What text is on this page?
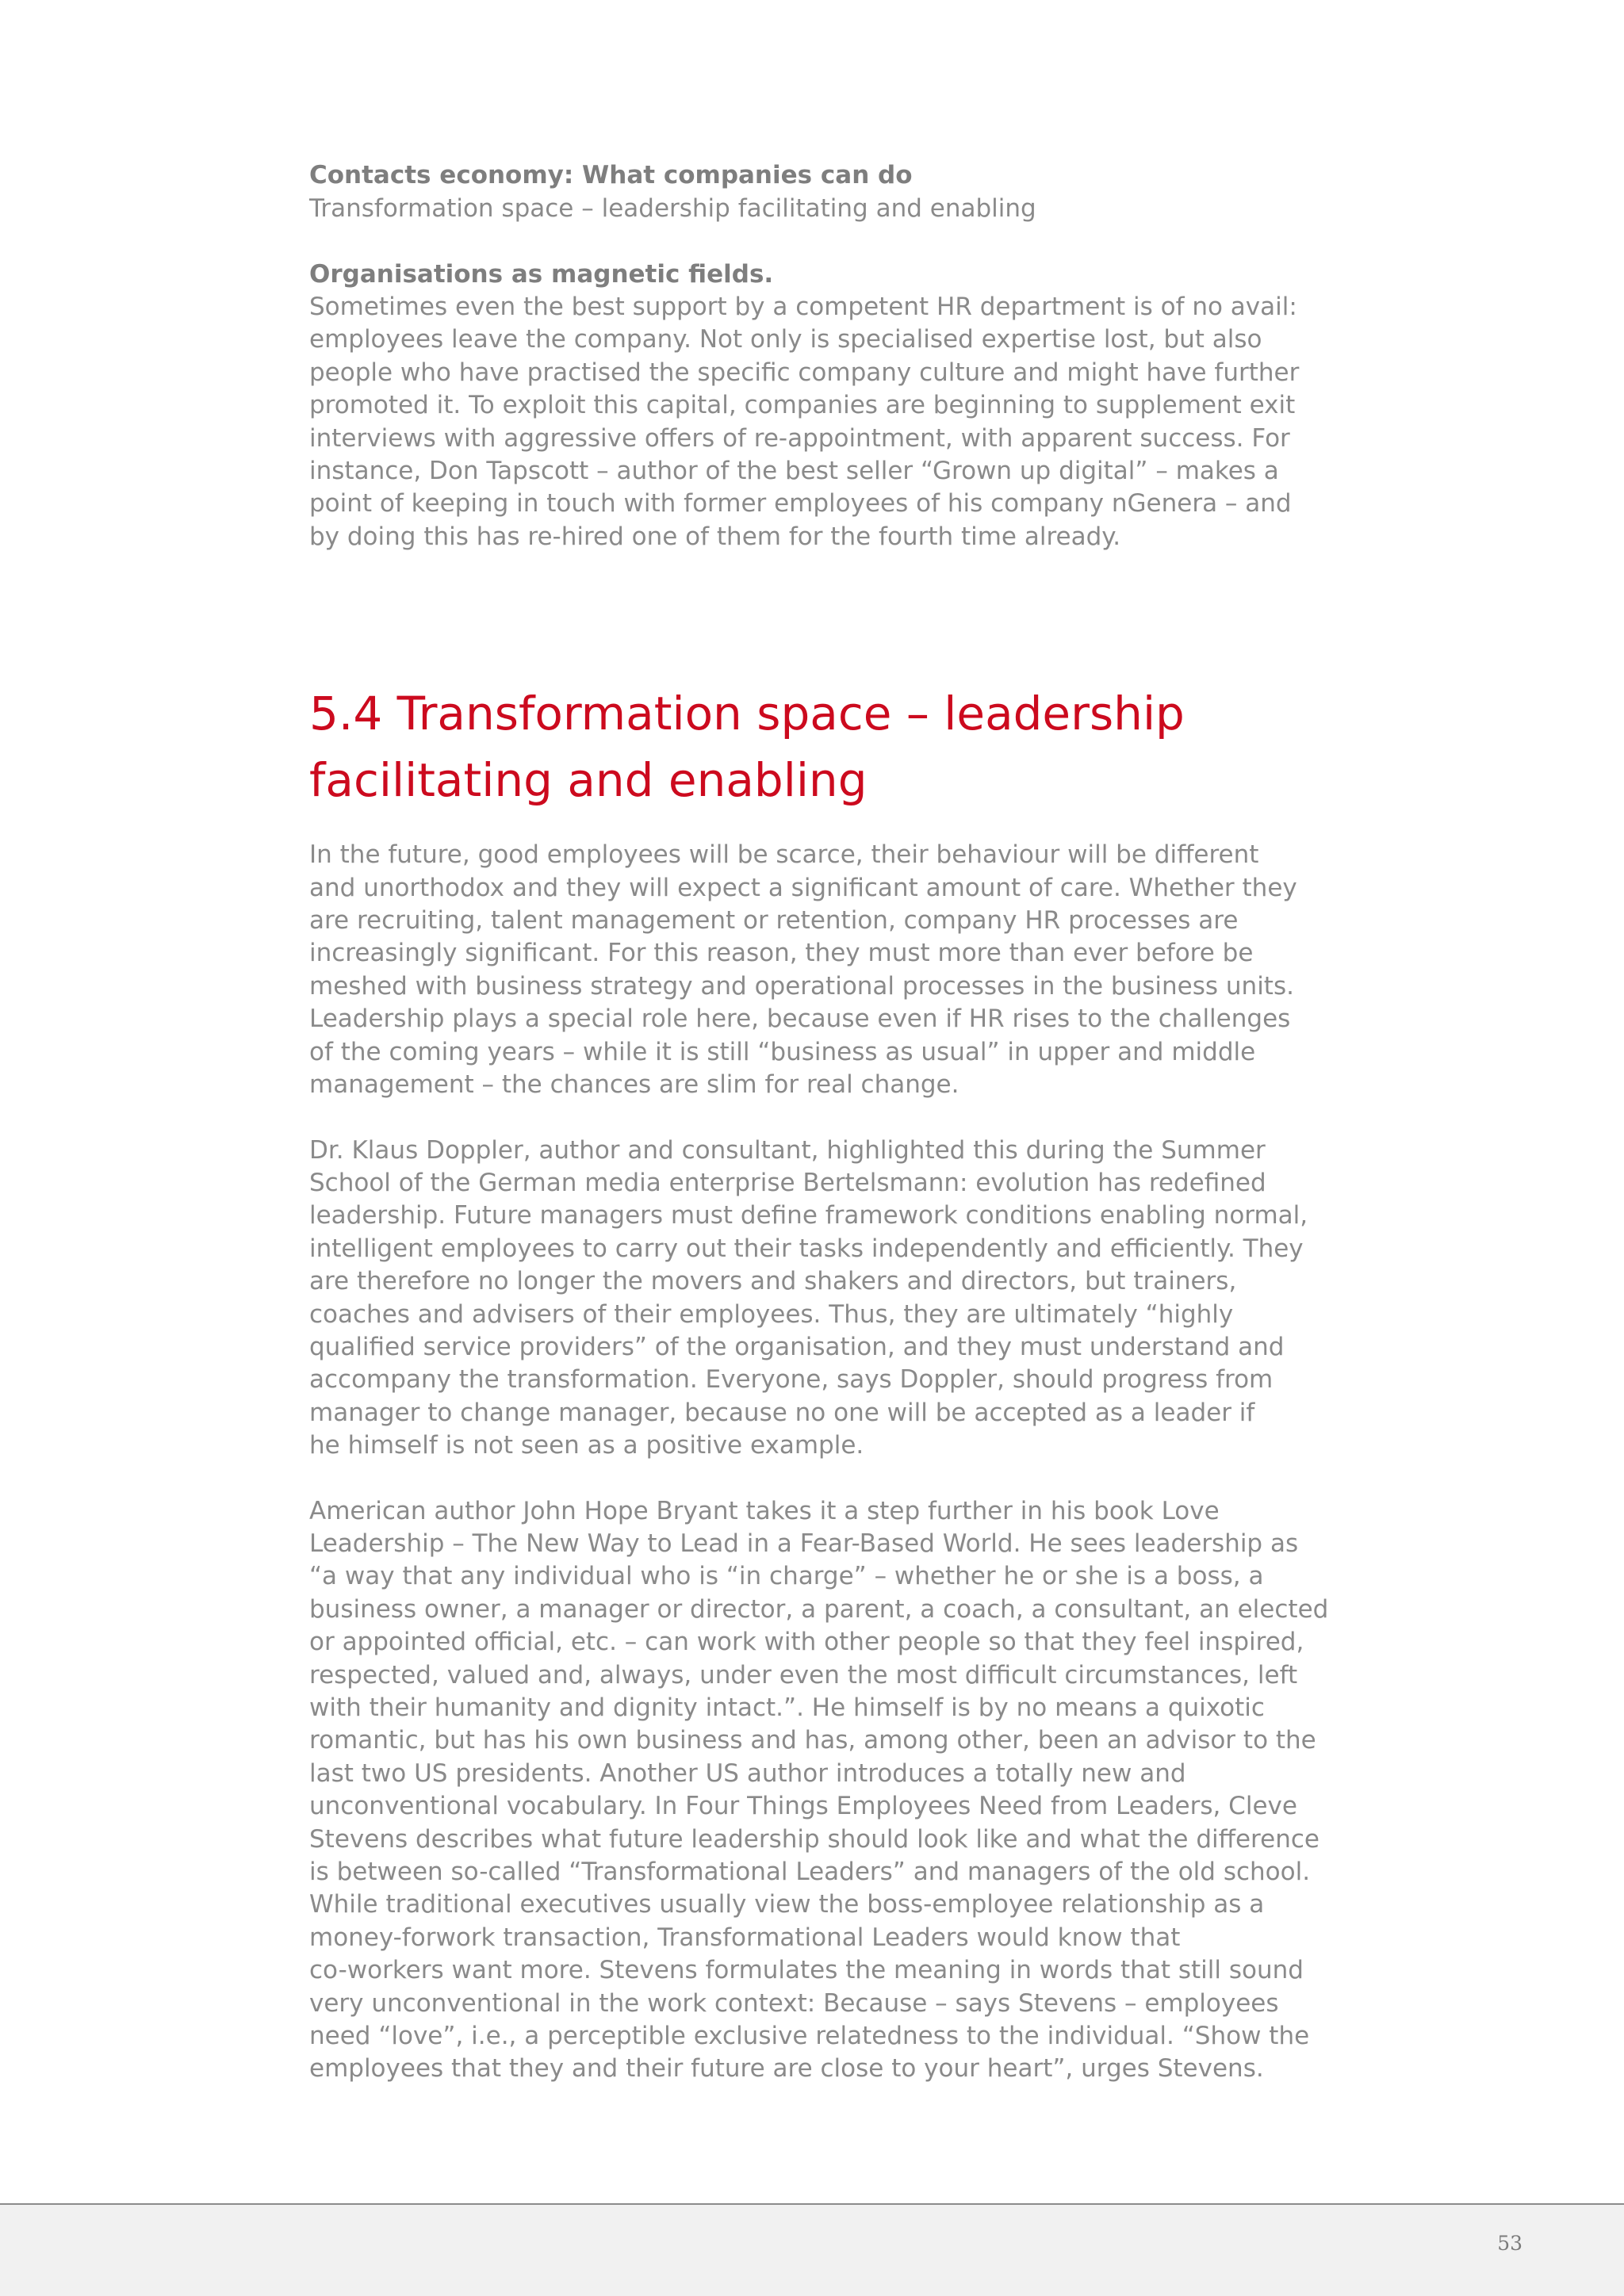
Contacts economy: What companies can do
Transformation space – leadership facilitating and enabling
Organisations as magnetic fields.
Sometimes even the best support by a competent HR department is of no avail:
employees leave the company. Not only is specialised expertise lost, but also
people who have practised the specific company culture and might have further
promoted it. To exploit this capital, companies are beginning to supplement exit
interviews with aggressive offers of re-appointment, with apparent success. For
instance, Don Tapscott – author of the best seller “Grown up digital” – makes a
point of keeping in touch with former employees of his company nGenera – and
by doing this has re-hired one of them for the fourth time already.
5.4 Transformation space – leadership
facilitating and enabling
In the future, good employees will be scarce, their behaviour will be different
and unorthodox and they will expect a significant amount of care. Whether they
are recruiting, talent management or retention, company HR processes are
increasingly significant. For this reason, they must more than ever before be
meshed with business strategy and operational processes in the business units.
Leadership plays a special role here, because even if HR rises to the challenges
of the coming years – while it is still “business as usual” in upper and middle
management – the chances are slim for real change.
Dr. Klaus Doppler, author and consultant, highlighted this during the Summer
School of the German media enterprise Bertelsmann: evolution has redefined
leadership. Future managers must define framework conditions enabling normal,
intelligent employees to carry out their tasks independently and efficiently. They
are therefore no longer the movers and shakers and directors, but trainers,
coaches and advisers of their employees. Thus, they are ultimately “highly
qualified service providers” of the organisation, and they must understand and
accompany the transformation. Everyone, says Doppler, should progress from
manager to change manager, because no one will be accepted as a leader if
he himself is not seen as a positive example.
American author John Hope Bryant takes it a step further in his book Love
Leadership – The New Way to Lead in a Fear-Based World. He sees leadership as
“a way that any individual who is “in charge” – whether he or she is a boss, a
business owner, a manager or director, a parent, a coach, a consultant, an elected
or appointed official, etc. – can work with other people so that they feel inspired,
respected, valued and, always, under even the most difficult circumstances, left
with their humanity and dignity intact.”. He himself is by no means a quixotic
romantic, but has his own business and has, among other, been an advisor to the
last two US presidents. Another US author introduces a totally new and
unconventional vocabulary. In Four Things Employees Need from Leaders, Cleve
Stevens describes what future leadership should look like and what the difference
is between so-called “Transformational Leaders” and managers of the old school.
While traditional executives usually view the boss-employee relationship as a
money-forwork transaction, Transformational Leaders would know that
co-workers want more. Stevens formulates the meaning in words that still sound
very unconventional in the work context: Because – says Stevens – employees
need “love”, i.e., a perceptible exclusive relatedness to the individual. “Show the
employees that they and their future are close to your heart”, urges Stevens.
53
